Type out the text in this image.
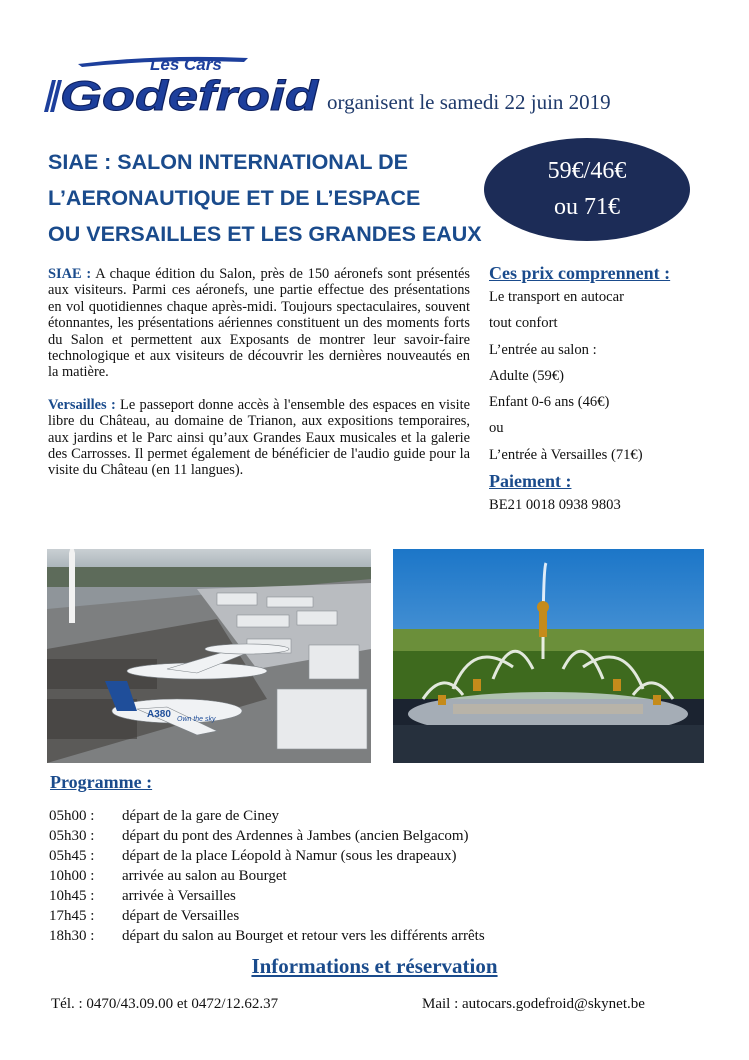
Les Cars
Godefroid organisent le samedi 22 juin 2019
SIAE : SALON INTERNATIONAL DE
L’AERONAUTIQUE ET DE L’ESPACE
OU VERSAILLES ET LES GRANDES EAUX
59€/46€
ou 71€

SIAE : A chaque édition du Salon, près de 150 aéronefs sont présentés aux visiteurs. Parmi ces aéronefs, une partie effectue des présentations en vol quotidiennes chaque après-midi. Toujours spectaculaires, souvent étonnantes, les présentations aériennes constituent un des moments forts du Salon et permettent aux Exposants de montrer leur savoir-faire technologique et aux visiteurs de découvrir les dernières nouveautés en la matière.

Versailles : Le passeport donne accès à l'ensemble des espaces en visite libre du Château, au domaine de Trianon, aux expositions temporaires, aux jardins et le Parc ainsi qu’aux Grandes Eaux musicales et la galerie des Carrosses. Il permet également de bénéficier de l'audio guide pour la visite du Château (en 11 langues).

Ces prix comprennent :
Le transport en autocar
tout confort
L’entrée au salon :
Adulte (59€)
Enfant 0-6 ans (46€)
ou
L’entrée à Versailles (71€)
Paiement :
BE21 0018 0938 9803
A380 Own the sky
Programme :
05h00 : départ de la gare de Ciney
05h30 : départ du pont des Ardennes à Jambes (ancien Belgacom)
05h45 : départ de la place Léopold à Namur (sous les drapeaux)
10h00 : arrivée au salon au Bourget
10h45 : arrivée à Versailles
17h45 : départ de Versailles
18h30 : départ du salon au Bourget et retour vers les différents arrêts
Informations et réservation
Tél. : 0470/43.09.00 et 0472/12.62.37	Mail : autocars.godefroid@skynet.be
